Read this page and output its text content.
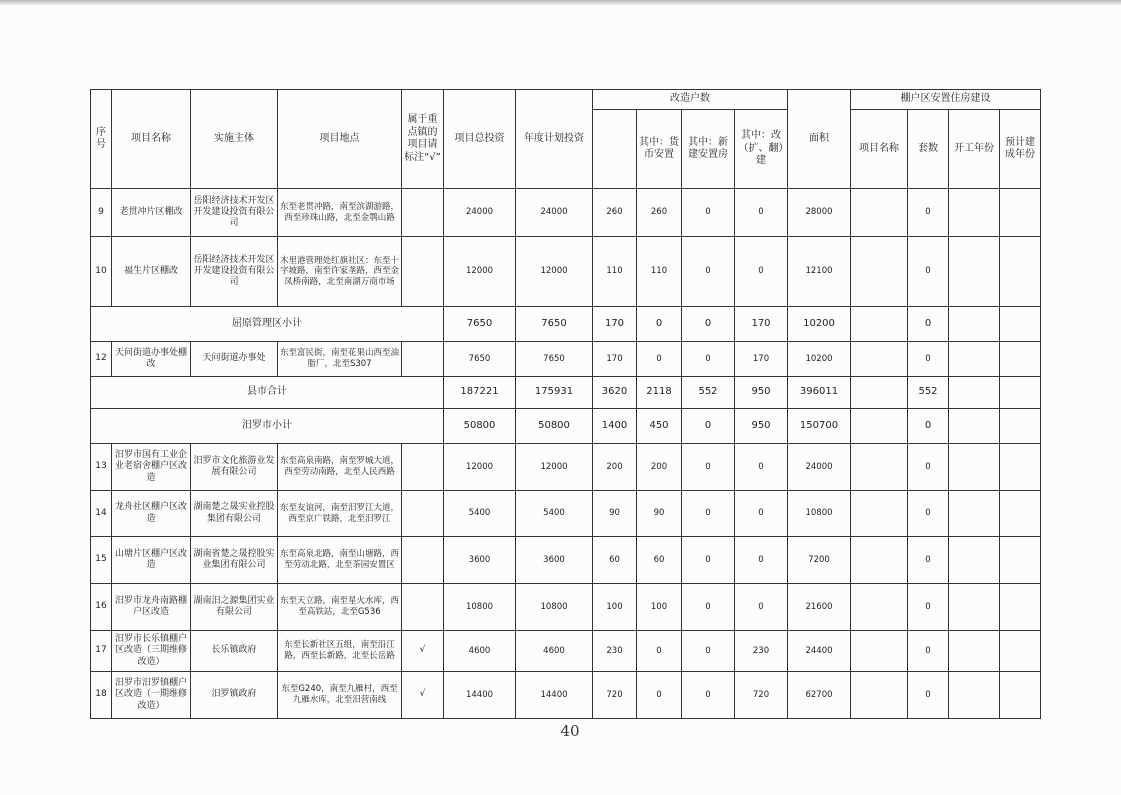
序号	项目名称	实施主体	项目地点	属于重点镇的项目请标注“√”	项目总投资	年度计划投资	改造户数				面积	棚户区安置住房建设			
								其中：货币安置	其中：新建安置房	其中：改（扩、翻）建		项目名称	套数	开工年份	预计建成年份
9	老贯冲片区棚改	岳阳经济技术开发区开发建设投资有限公司	东至老贯冲路，南至滨湖游路，西至珍珠山路，北至金鹗山路		24000	24000	260	260	0	0	28000		0		
10	福生片区棚改	岳阳经济技术开发区开发建设投资有限公司	木里港管理处红旗社区：东至十字坡路，南至许家垄路，西至金凤桥南路，北至南湖万商市场		12000	12000	110	110	0	0	12100		0		
屈原管理区小计					7650	7650	170	0	0	170	10200		0		
12	天问街道办事处棚改	天问街道办事处	东至富民街，南至花果山西至油脂厂，北至S307		7650	7650	170	0	0	170	10200		0		
县市合计					187221	175931	3620	2118	552	950	396011		552		
汨罗市小计					50800	50800	1400	450	0	950	150700		0		
13	汨罗市国有工业企业老宿舍棚户区改造	汨罗市文化旅游业发展有限公司	东至高泉南路，南至罗城大道，西至劳动南路，北至人民西路		12000	12000	200	200	0	0	24000		0		
14	龙舟社区棚户区改造	湖南楚之晟实业控股集团有限公司	东至友谊河，南至汨罗江大道，西至京广铁路，北至汨罗江		5400	5400	90	90	0	0	10800		0		
15	山塘片区棚户区改造	湖南省楚之晟控股实业集团有限公司	东至高泉北路，南至山塘路，西至劳动北路，北至茶园安置区		3600	3600	60	60	0	0	7200		0		
16	汨罗市龙舟南路棚户区改造	湖南汨之源集团实业有限公司	东至天立路，南至星火水库，西至高铁站，北至G536		10800	10800	100	100	0	0	21600		0		
17	汨罗市长乐镇棚户区改造（三期维修改造）	长乐镇政府	东至长新社区五组，南至沿江路，西至长新路，北至长岳路	√	4600	4600	230	0	0	230	24400		0		
18	汨罗市汨罗镇棚户区改造（一期维修改造）	汨罗镇政府	东至G240，南至九雁村，西至九雁水库，北至汨营南线	√	14400	14400	720	0	0	720	62700		0		
40
